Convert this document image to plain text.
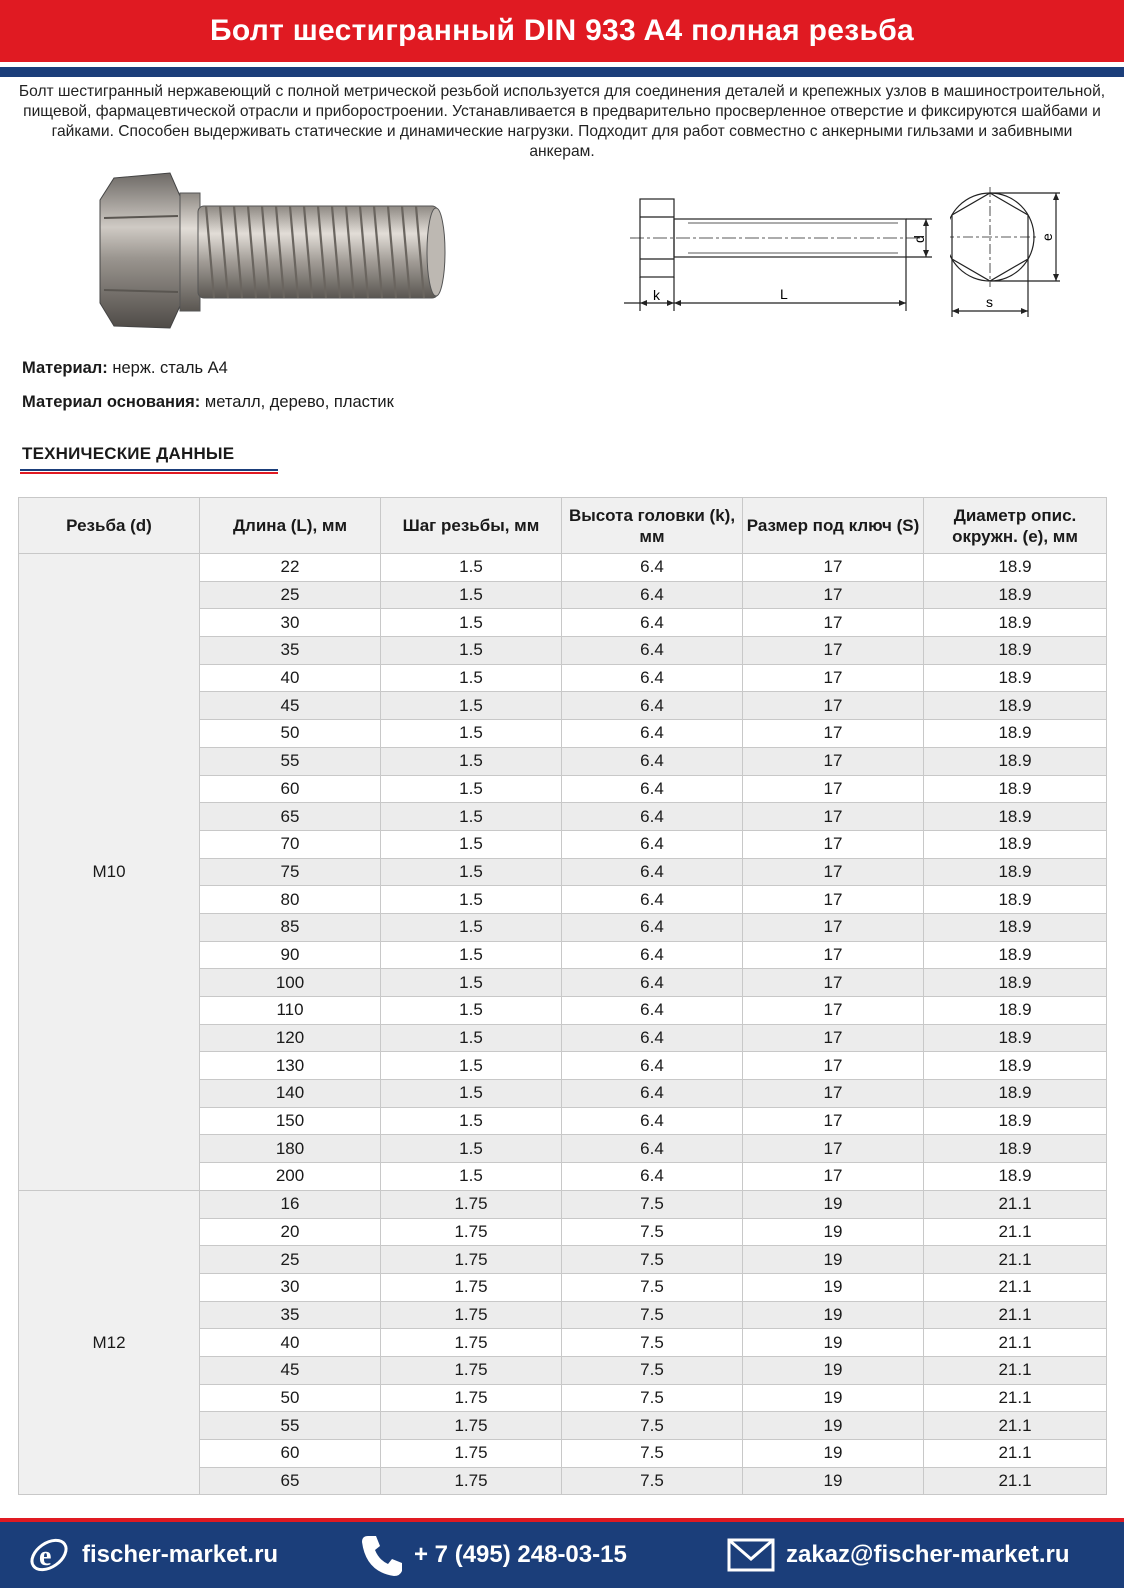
Болт шестигранный DIN 933 A4 полная резьба
Болт шестигранный нержавеющий с полной метрической резьбой используется для соединения деталей и крепежных узлов в машиностроительной, пищевой, фармацевтической отрасли и приборостроении. Устанавливается в предварительно просверленное отверстие и фиксируются шайбами и гайками. Способен выдерживать статические и динамические нагрузки. Подходит для работ совместно с анкерными гильзами и забивными анкерам.
k	L
d
s
e
Материал: нерж. сталь А4
Материал основания: металл, дерево, пластик
ТЕХНИЧЕСКИЕ ДАННЫЕ
Резьба (d)	Длина (L), мм	Шаг резьбы, мм	Высота головки (k), мм	Размер под ключ (S)	Диаметр опис. окружн. (е), мм
M10	22	1.5	6.4	17	18.9
	25	1.5	6.4	17	18.9
	30	1.5	6.4	17	18.9
	35	1.5	6.4	17	18.9
	40	1.5	6.4	17	18.9
	45	1.5	6.4	17	18.9
	50	1.5	6.4	17	18.9
	55	1.5	6.4	17	18.9
	60	1.5	6.4	17	18.9
	65	1.5	6.4	17	18.9
	70	1.5	6.4	17	18.9
	75	1.5	6.4	17	18.9
	80	1.5	6.4	17	18.9
	85	1.5	6.4	17	18.9
	90	1.5	6.4	17	18.9
	100	1.5	6.4	17	18.9
	110	1.5	6.4	17	18.9
	120	1.5	6.4	17	18.9
	130	1.5	6.4	17	18.9
	140	1.5	6.4	17	18.9
	150	1.5	6.4	17	18.9
	180	1.5	6.4	17	18.9
	200	1.5	6.4	17	18.9
M12	16	1.75	7.5	19	21.1
	20	1.75	7.5	19	21.1
	25	1.75	7.5	19	21.1
	30	1.75	7.5	19	21.1
	35	1.75	7.5	19	21.1
	40	1.75	7.5	19	21.1
	45	1.75	7.5	19	21.1
	50	1.75	7.5	19	21.1
	55	1.75	7.5	19	21.1
	60	1.75	7.5	19	21.1
	65	1.75	7.5	19	21.1
e fischer-market.ru	+ 7 (495) 248-03-15	zakaz@fischer-market.ru
